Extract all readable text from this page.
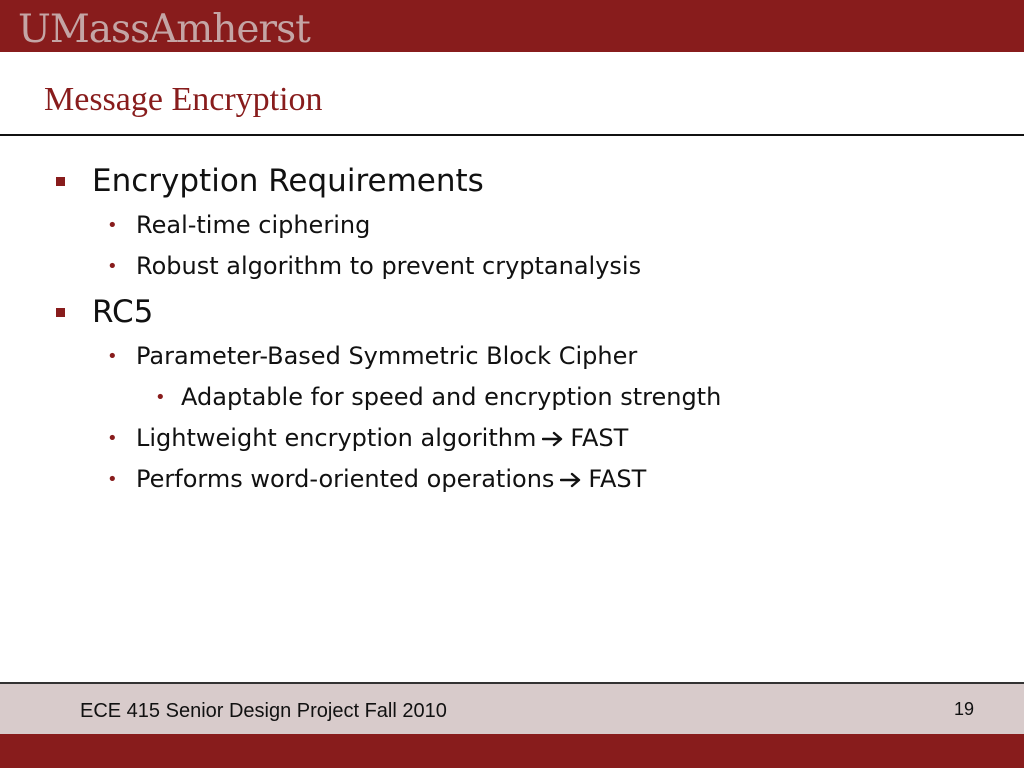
UMassAmherst
Message Encryption
Encryption Requirements
• Real-time ciphering
• Robust algorithm to prevent cryptanalysis
RC5
• Parameter-Based Symmetric Block Cipher
• Adaptable for speed and encryption strength
• Lightweight encryption algorithm FAST
• Performs word-oriented operations FAST
ECE 415 Senior Design Project Fall 2010	19
